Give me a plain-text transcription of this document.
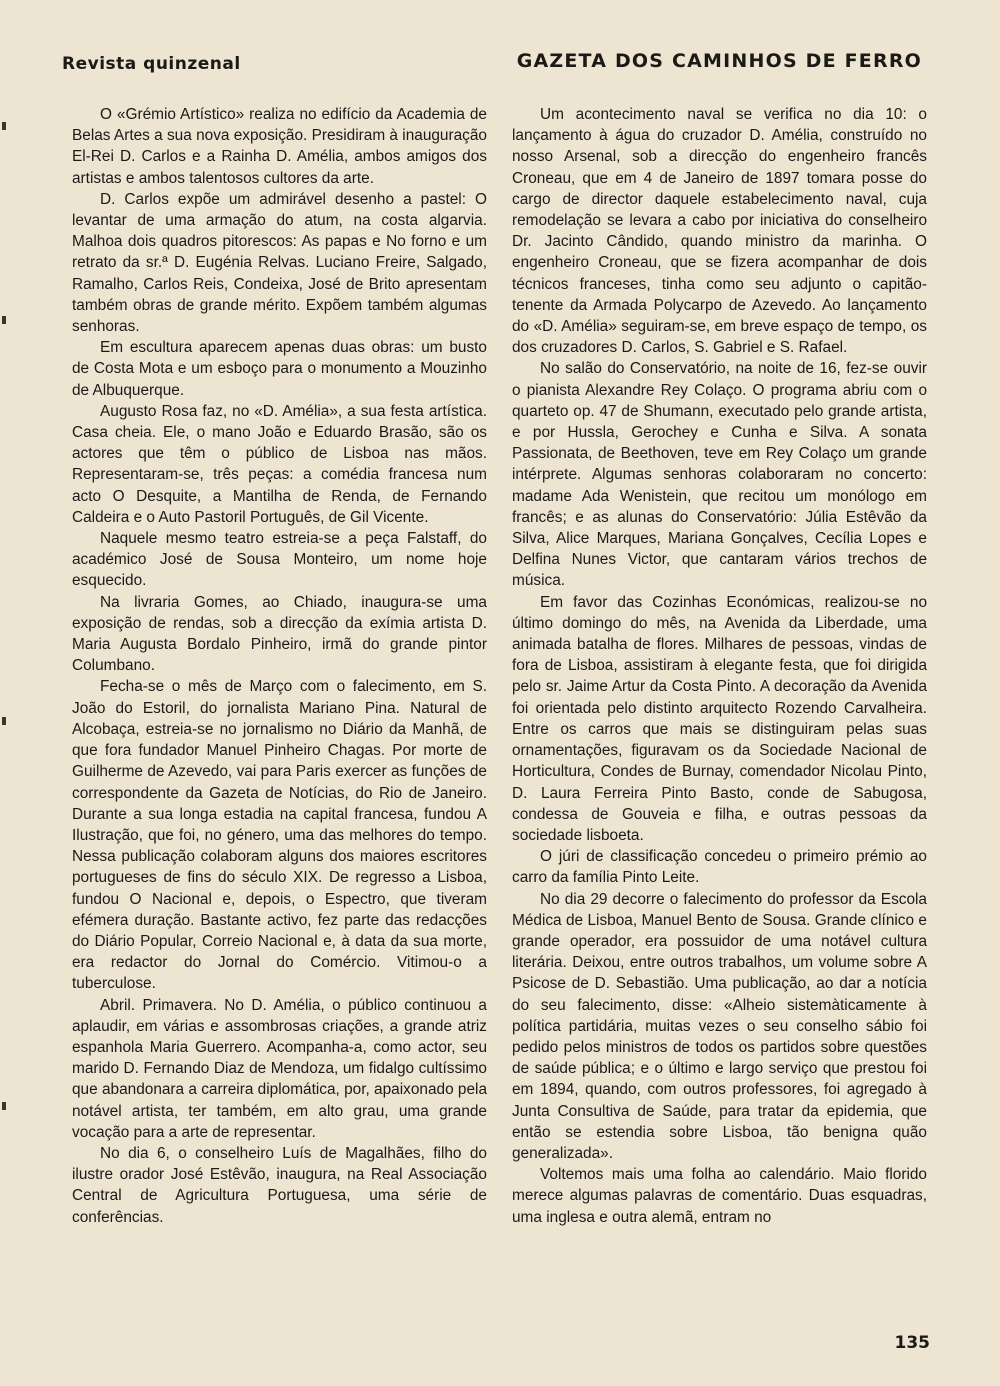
Revista quinzenal	GAZETA DOS CAMINHOS DE FERRO

O «Grémio Artístico» realiza no edifício da Academia de Belas Artes a sua nova exposição. Presidiram à inauguração El-Rei D. Carlos e a Rainha D. Amélia, ambos amigos dos artistas e ambos talentosos cultores da arte.

D. Carlos expõe um admirável desenho a pastel: O levantar de uma armação do atum, na costa algarvia. Malhoa dois quadros pitorescos: As papas e No forno e um retrato da sr.ª D. Eugénia Relvas. Luciano Freire, Salgado, Ramalho, Carlos Reis, Condeixa, José de Brito apresentam também obras de grande mérito. Expõem também algumas senhoras.

Em escultura aparecem apenas duas obras: um busto de Costa Mota e um esboço para o monumento a Mouzinho de Albuquerque.

Augusto Rosa faz, no «D. Amélia», a sua festa artística. Casa cheia. Ele, o mano João e Eduardo Brasão, são os actores que têm o público de Lisboa nas mãos. Representaram-se, três peças: a comédia francesa num acto O Desquite, a Mantilha de Renda, de Fernando Caldeira e o Auto Pastoril Português, de Gil Vicente.

Naquele mesmo teatro estreia-se a peça Falstaff, do académico José de Sousa Monteiro, um nome hoje esquecido.

Na livraria Gomes, ao Chiado, inaugura-se uma exposição de rendas, sob a direcção da exímia artista D. Maria Augusta Bordalo Pinheiro, irmã do grande pintor Columbano.

Fecha-se o mês de Março com o falecimento, em S. João do Estoril, do jornalista Mariano Pina. Natural de Alcobaça, estreia-se no jornalismo no Diário da Manhã, de que fora fundador Manuel Pinheiro Chagas. Por morte de Guilherme de Azevedo, vai para Paris exercer as funções de correspondente da Gazeta de Notícias, do Rio de Janeiro. Durante a sua longa estadia na capital francesa, fundou A Ilustração, que foi, no género, uma das melhores do tempo. Nessa publicação colaboram alguns dos maiores escritores portugueses de fins do século XIX. De regresso a Lisboa, fundou O Nacional e, depois, o Espectro, que tiveram efémera duração. Bastante activo, fez parte das redacções do Diário Popular, Correio Nacional e, à data da sua morte, era redactor do Jornal do Comércio. Vitimou-o a tuberculose.

Abril. Primavera. No D. Amélia, o público continuou a aplaudir, em várias e assombrosas criações, a grande atriz espanhola Maria Guerrero. Acompanha-a, como actor, seu marido D. Fernando Diaz de Mendoza, um fidalgo cultíssimo que abandonara a carreira diplomática, por, apaixonado pela notável artista, ter também, em alto grau, uma grande vocação para a arte de representar.

No dia 6, o conselheiro Luís de Magalhães, filho do ilustre orador José Estêvão, inaugura, na Real Associação Central de Agricultura Portuguesa, uma série de conferências.

Um acontecimento naval se verifica no dia 10: o lançamento à água do cruzador D. Amélia, construído no nosso Arsenal, sob a direcção do engenheiro francês Croneau, que em 4 de Janeiro de 1897 tomara posse do cargo de director daquele estabelecimento naval, cuja remodelação se levara a cabo por iniciativa do conselheiro Dr. Jacinto Cândido, quando ministro da marinha. O engenheiro Croneau, que se fizera acompanhar de dois técnicos franceses, tinha como seu adjunto o capitão-tenente da Armada Polycarpo de Azevedo. Ao lançamento do «D. Amélia» seguiram-se, em breve espaço de tempo, os dos cruzadores D. Carlos, S. Gabriel e S. Rafael.

No salão do Conservatório, na noite de 16, fez-se ouvir o pianista Alexandre Rey Colaço. O programa abriu com o quarteto op. 47 de Shumann, executado pelo grande artista, e por Hussla, Gerochey e Cunha e Silva. A sonata Passionata, de Beethoven, teve em Rey Colaço um grande intérprete. Algumas senhoras colaboraram no concerto: madame Ada Wenistein, que recitou um monólogo em francês; e as alunas do Conservatório: Júlia Estêvão da Silva, Alice Marques, Mariana Gonçalves, Cecília Lopes e Delfina Nunes Victor, que cantaram vários trechos de música.

Em favor das Cozinhas Económicas, realizou-se no último domingo do mês, na Avenida da Liberdade, uma animada batalha de flores. Milhares de pessoas, vindas de fora de Lisboa, assistiram à elegante festa, que foi dirigida pelo sr. Jaime Artur da Costa Pinto. A decoração da Avenida foi orientada pelo distinto arquitecto Rozendo Carvalheira. Entre os carros que mais se distinguiram pelas suas ornamentações, figuravam os da Sociedade Nacional de Horticultura, Condes de Burnay, comendador Nicolau Pinto, D. Laura Ferreira Pinto Basto, conde de Sabugosa, condessa de Gouveia e filha, e outras pessoas da sociedade lisboeta.

O júri de classificação concedeu o primeiro prémio ao carro da família Pinto Leite.

No dia 29 decorre o falecimento do professor da Escola Médica de Lisboa, Manuel Bento de Sousa. Grande clínico e grande operador, era possuidor de uma notável cultura literária. Deixou, entre outros trabalhos, um volume sobre A Psicose de D. Sebastião. Uma publicação, ao dar a notícia do seu falecimento, disse: «Alheio sistemàticamente à política partidária, muitas vezes o seu conselho sábio foi pedido pelos ministros de todos os partidos sobre questões de saúde pública; e o último e largo serviço que prestou foi em 1894, quando, com outros professores, foi agregado à Junta Consultiva de Saúde, para tratar da epidemia, que então se estendia sobre Lisboa, tão benigna quão generalizada».

Voltemos mais uma folha ao calendário. Maio florido merece algumas palavras de comentário. Duas esquadras, uma inglesa e outra alemã, entram no

135
